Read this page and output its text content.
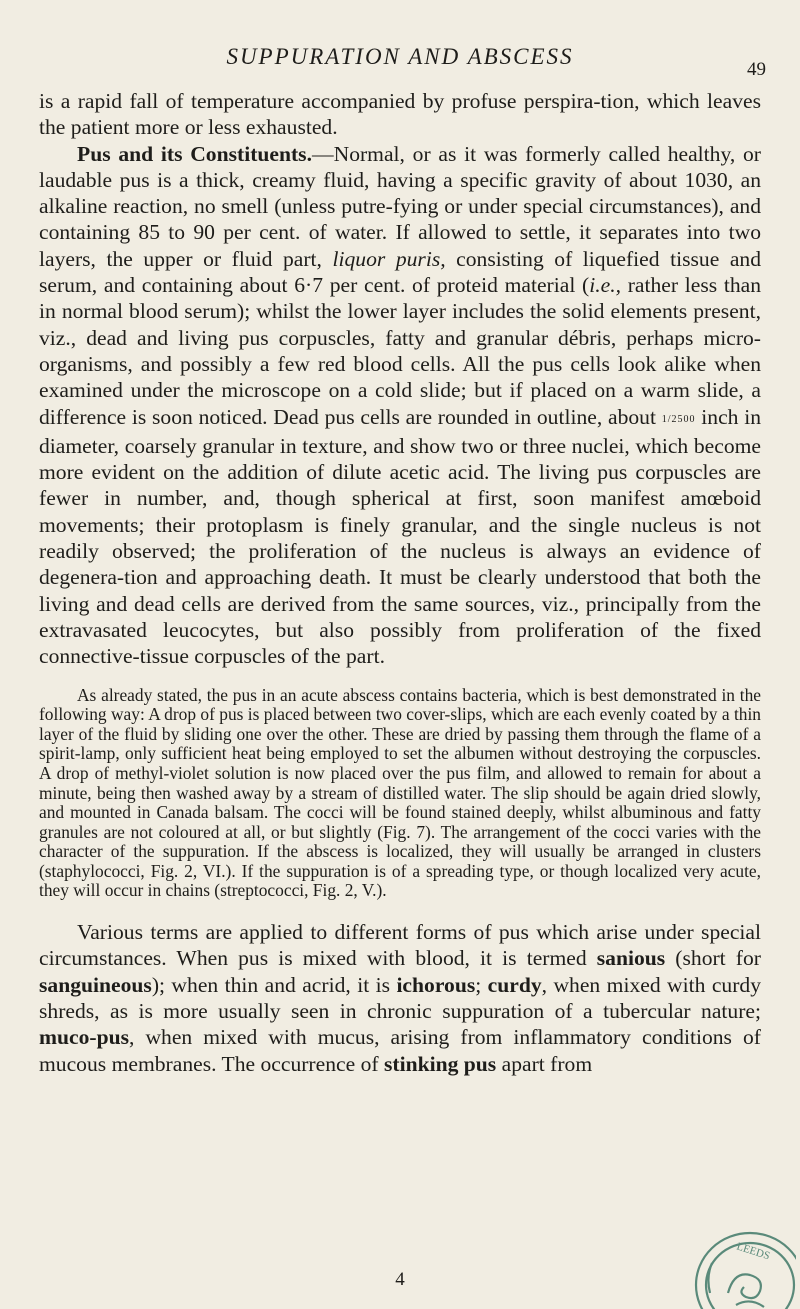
SUPPURATION AND ABSCESS
49

is a rapid fall of temperature accompanied by profuse perspira-tion, which leaves the patient more or less exhausted.

Pus and its Constituents.—Normal, or as it was formerly called healthy, or laudable pus is a thick, creamy fluid, having a specific gravity of about 1030, an alkaline reaction, no smell (unless putre-fying or under special circumstances), and containing 85 to 90 per cent. of water. If allowed to settle, it separates into two layers, the upper or fluid part, liquor puris, consisting of liquefied tissue and serum, and containing about 6·7 per cent. of proteid material (i.e., rather less than in normal blood serum); whilst the lower layer includes the solid elements present, viz., dead and living pus corpuscles, fatty and granular débris, perhaps micro-organisms, and possibly a few red blood cells. All the pus cells look alike when examined under the microscope on a cold slide; but if placed on a warm slide, a difference is soon noticed. Dead pus cells are rounded in outline, about 1/2500 inch in diameter, coarsely granular in texture, and show two or three nuclei, which become more evident on the addition of dilute acetic acid. The living pus corpuscles are fewer in number, and, though spherical at first, soon manifest amœboid movements; their protoplasm is finely granular, and the single nucleus is not readily observed; the proliferation of the nucleus is always an evidence of degenera-tion and approaching death. It must be clearly understood that both the living and dead cells are derived from the same sources, viz., principally from the extravasated leucocytes, but also possibly from proliferation of the fixed connective-tissue corpuscles of the part.

As already stated, the pus in an acute abscess contains bacteria, which is best demonstrated in the following way: A drop of pus is placed between two cover-slips, which are each evenly coated by a thin layer of the fluid by sliding one over the other. These are dried by passing them through the flame of a spirit-lamp, only sufficient heat being employed to set the albumen without destroying the corpuscles. A drop of methyl-violet solution is now placed over the pus film, and allowed to remain for about a minute, being then washed away by a stream of distilled water. The slip should be again dried slowly, and mounted in Canada balsam. The cocci will be found stained deeply, whilst albuminous and fatty granules are not coloured at all, or but slightly (Fig. 7). The arrangement of the cocci varies with the character of the suppuration. If the abscess is localized, they will usually be arranged in clusters (staphylococci, Fig. 2, VI.). If the suppuration is of a spreading type, or though localized very acute, they will occur in chains (streptococci, Fig. 2, V.).

Various terms are applied to different forms of pus which arise under special circumstances. When pus is mixed with blood, it is termed sanious (short for sanguineous); when thin and acrid, it is ichorous; curdy, when mixed with curdy shreds, as is more usually seen in chronic suppuration of a tubercular nature; muco-pus, when mixed with mucus, arising from inflammatory conditions of mucous membranes. The occurrence of stinking pus apart from

4
LEEDS
